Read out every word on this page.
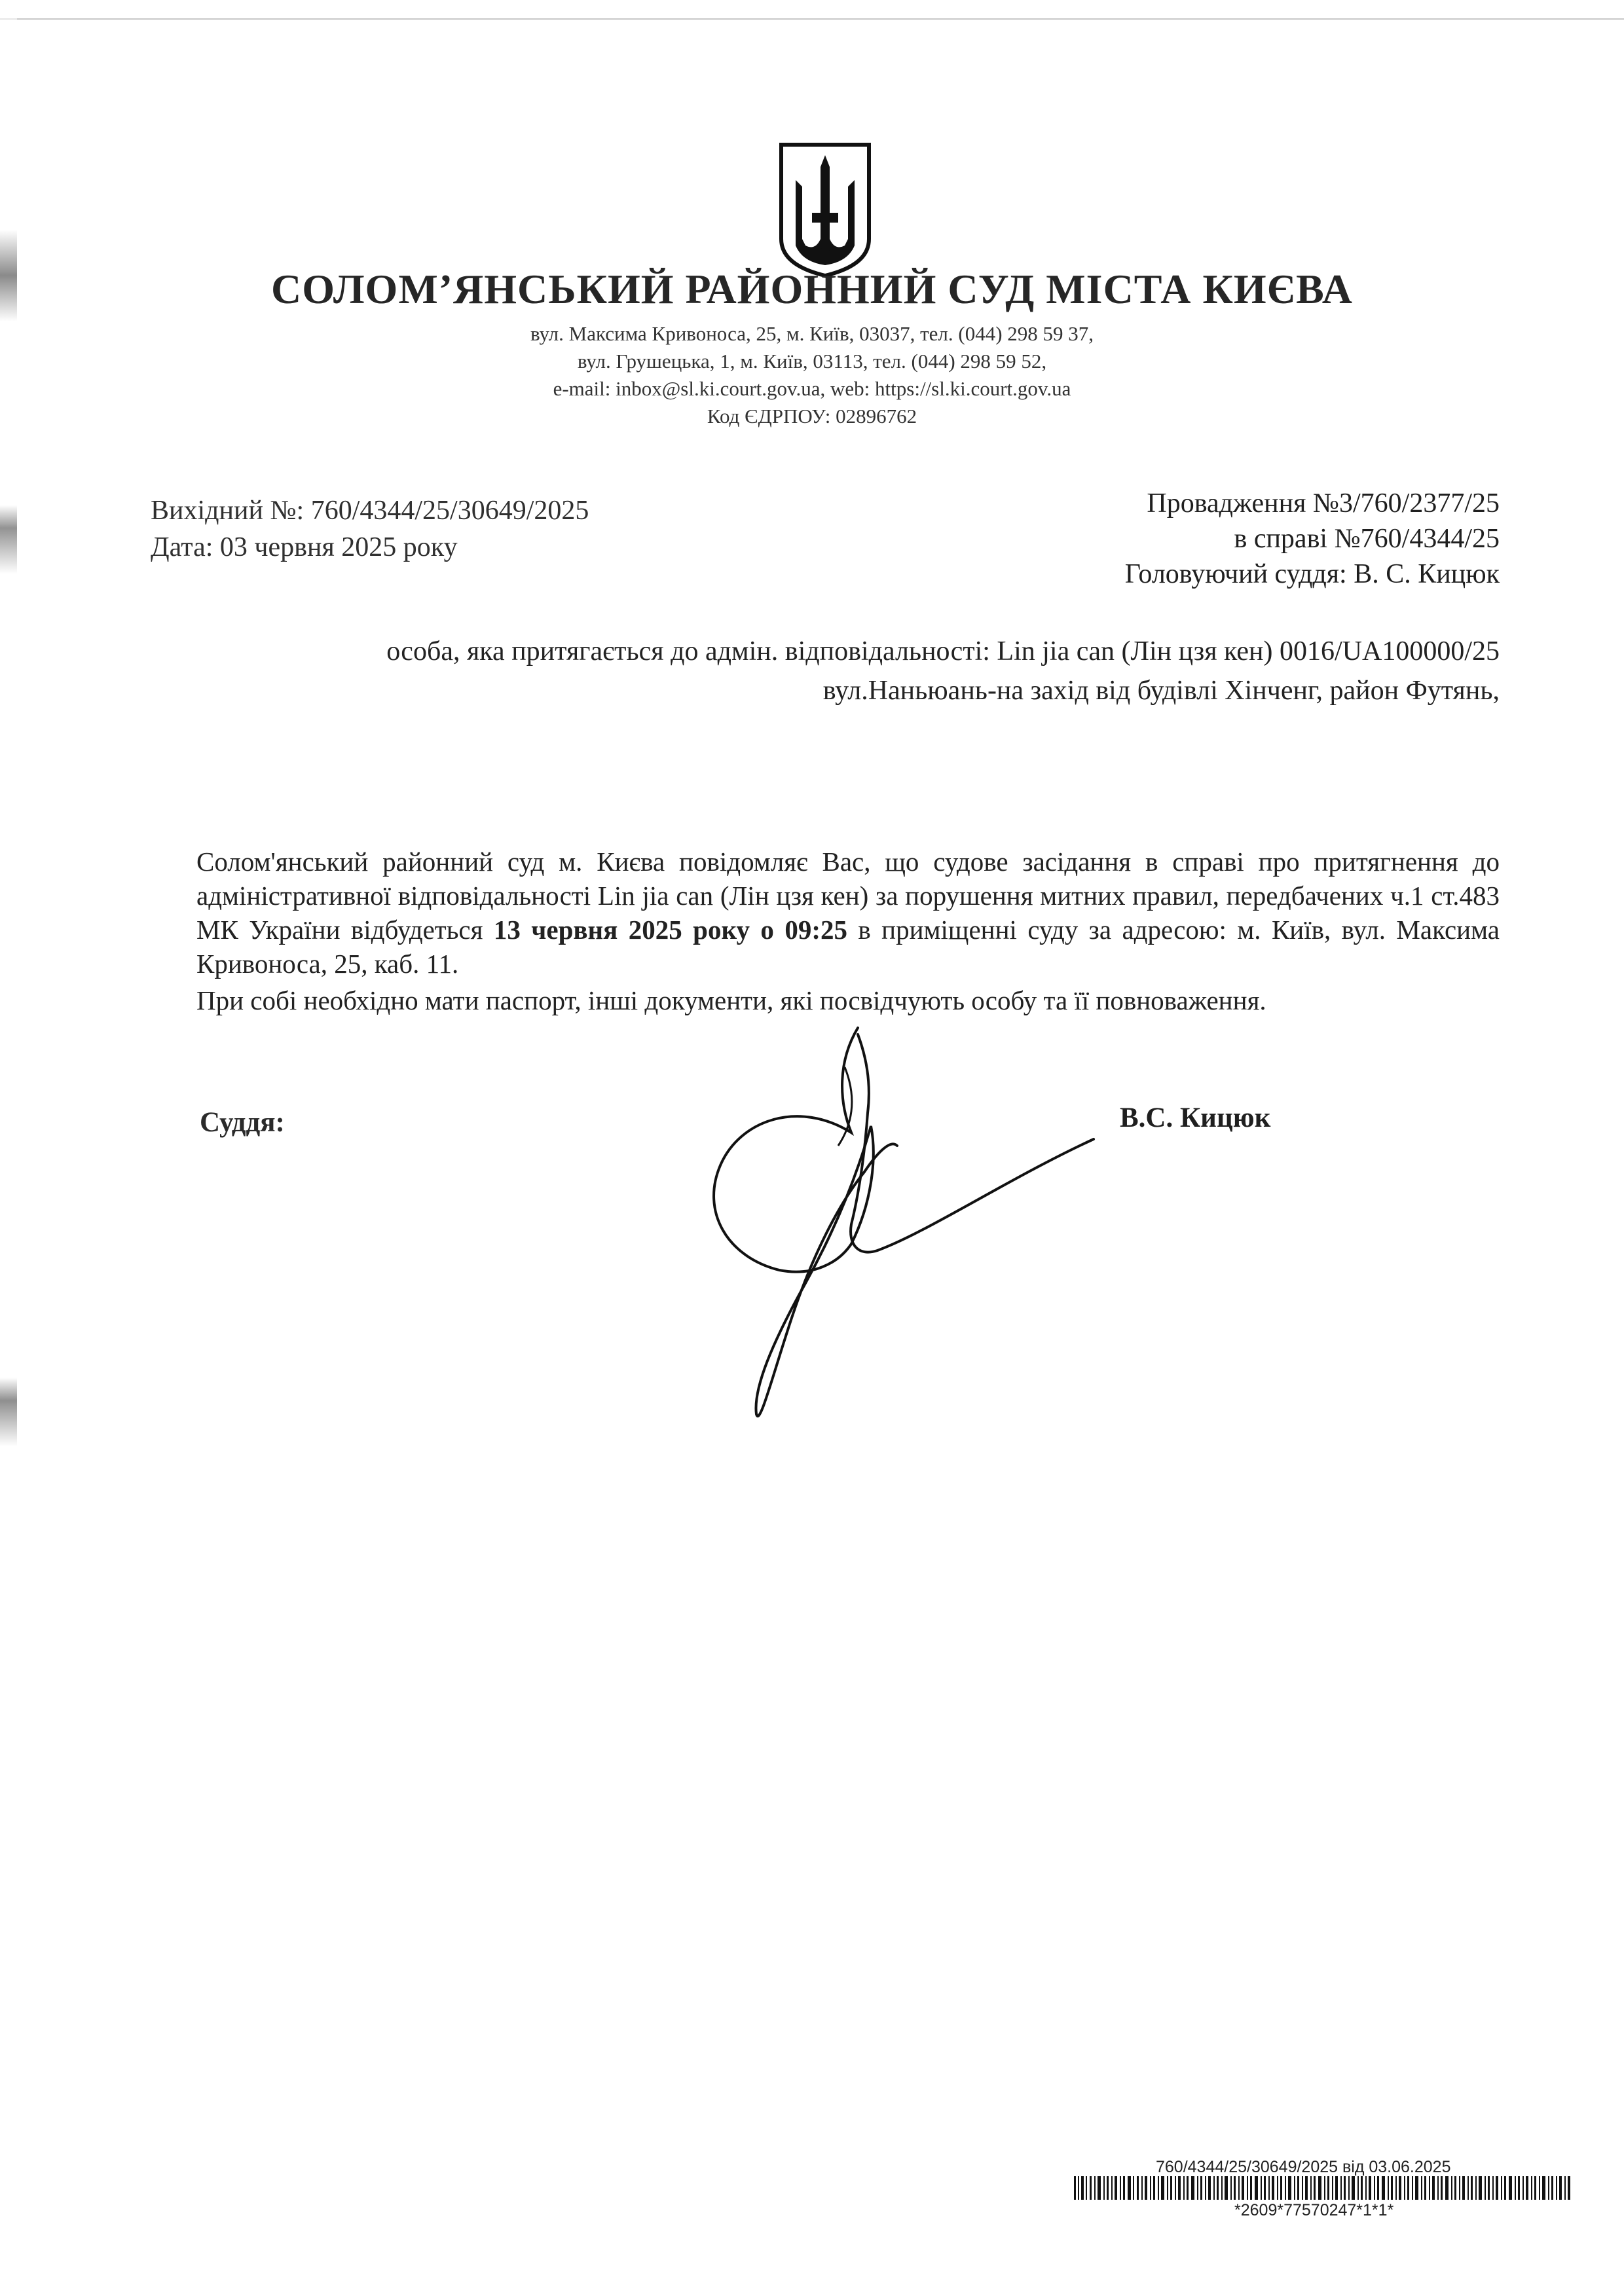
СОЛОМ’ЯНСЬКИЙ РАЙОННИЙ СУД МІСТА КИЄВА
вул. Максима Кривоноса, 25, м. Київ, 03037, тел. (044) 298 59 37,
вул. Грушецька, 1, м. Київ, 03113, тел. (044) 298 59 52,
e-mail: inbox@sl.ki.court.gov.ua, web: https://sl.ki.court.gov.ua
Код ЄДРПОУ: 02896762
Вихідний №: 760/4344/25/30649/2025
Дата: 03 червня 2025 року
Провадження №3/760/2377/25
в справі №760/4344/25
Головуючий суддя: В. С. Кицюк
особа, яка притягається до адмін. відповідальності: Lin jia can (Лін цзя кен) 0016/UA100000/25
вул.Наньюань-на захід від будівлі Хінченг, район Футянь,
Солом'янський районний суд м. Києва повідомляє Вас, що судове засідання в справі про притягнення до адміністративної відповідальності Lin jia can (Лін цзя кен) за порушення митних правил, передбачених ч.1 ст.483 МК України відбудеться 13 червня 2025 року о 09:25 в приміщенні суду за адресою: м. Київ, вул. Максима Кривоноса, 25, каб. 11.
При собі необхідно мати паспорт, інші документи, які посвідчують особу та її повноваження.
Суддя:	В.С. Кицюк
760/4344/25/30649/2025 від 03.06.2025
*2609*77570247*1*1*
